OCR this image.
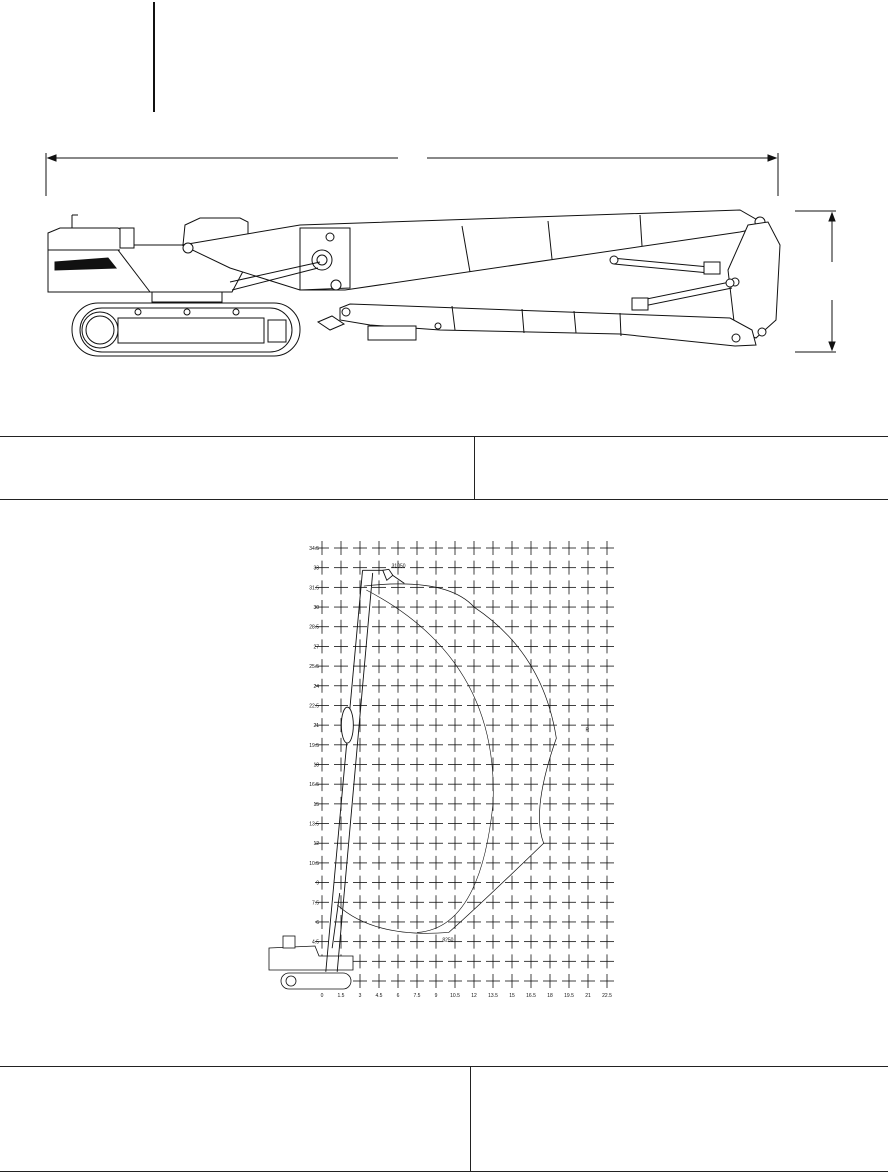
34.5
33
31.5
30
28.5
27
25.5
24
22.5
21
19.5
18
16.5
15
13.5
12
10.5
9
7.5
6
4.5
0	1.5	3	4.5	6	7.5	9	10.5 12 13.5 15 16.5 18 19.5 21 22.5
31050
8250
R
